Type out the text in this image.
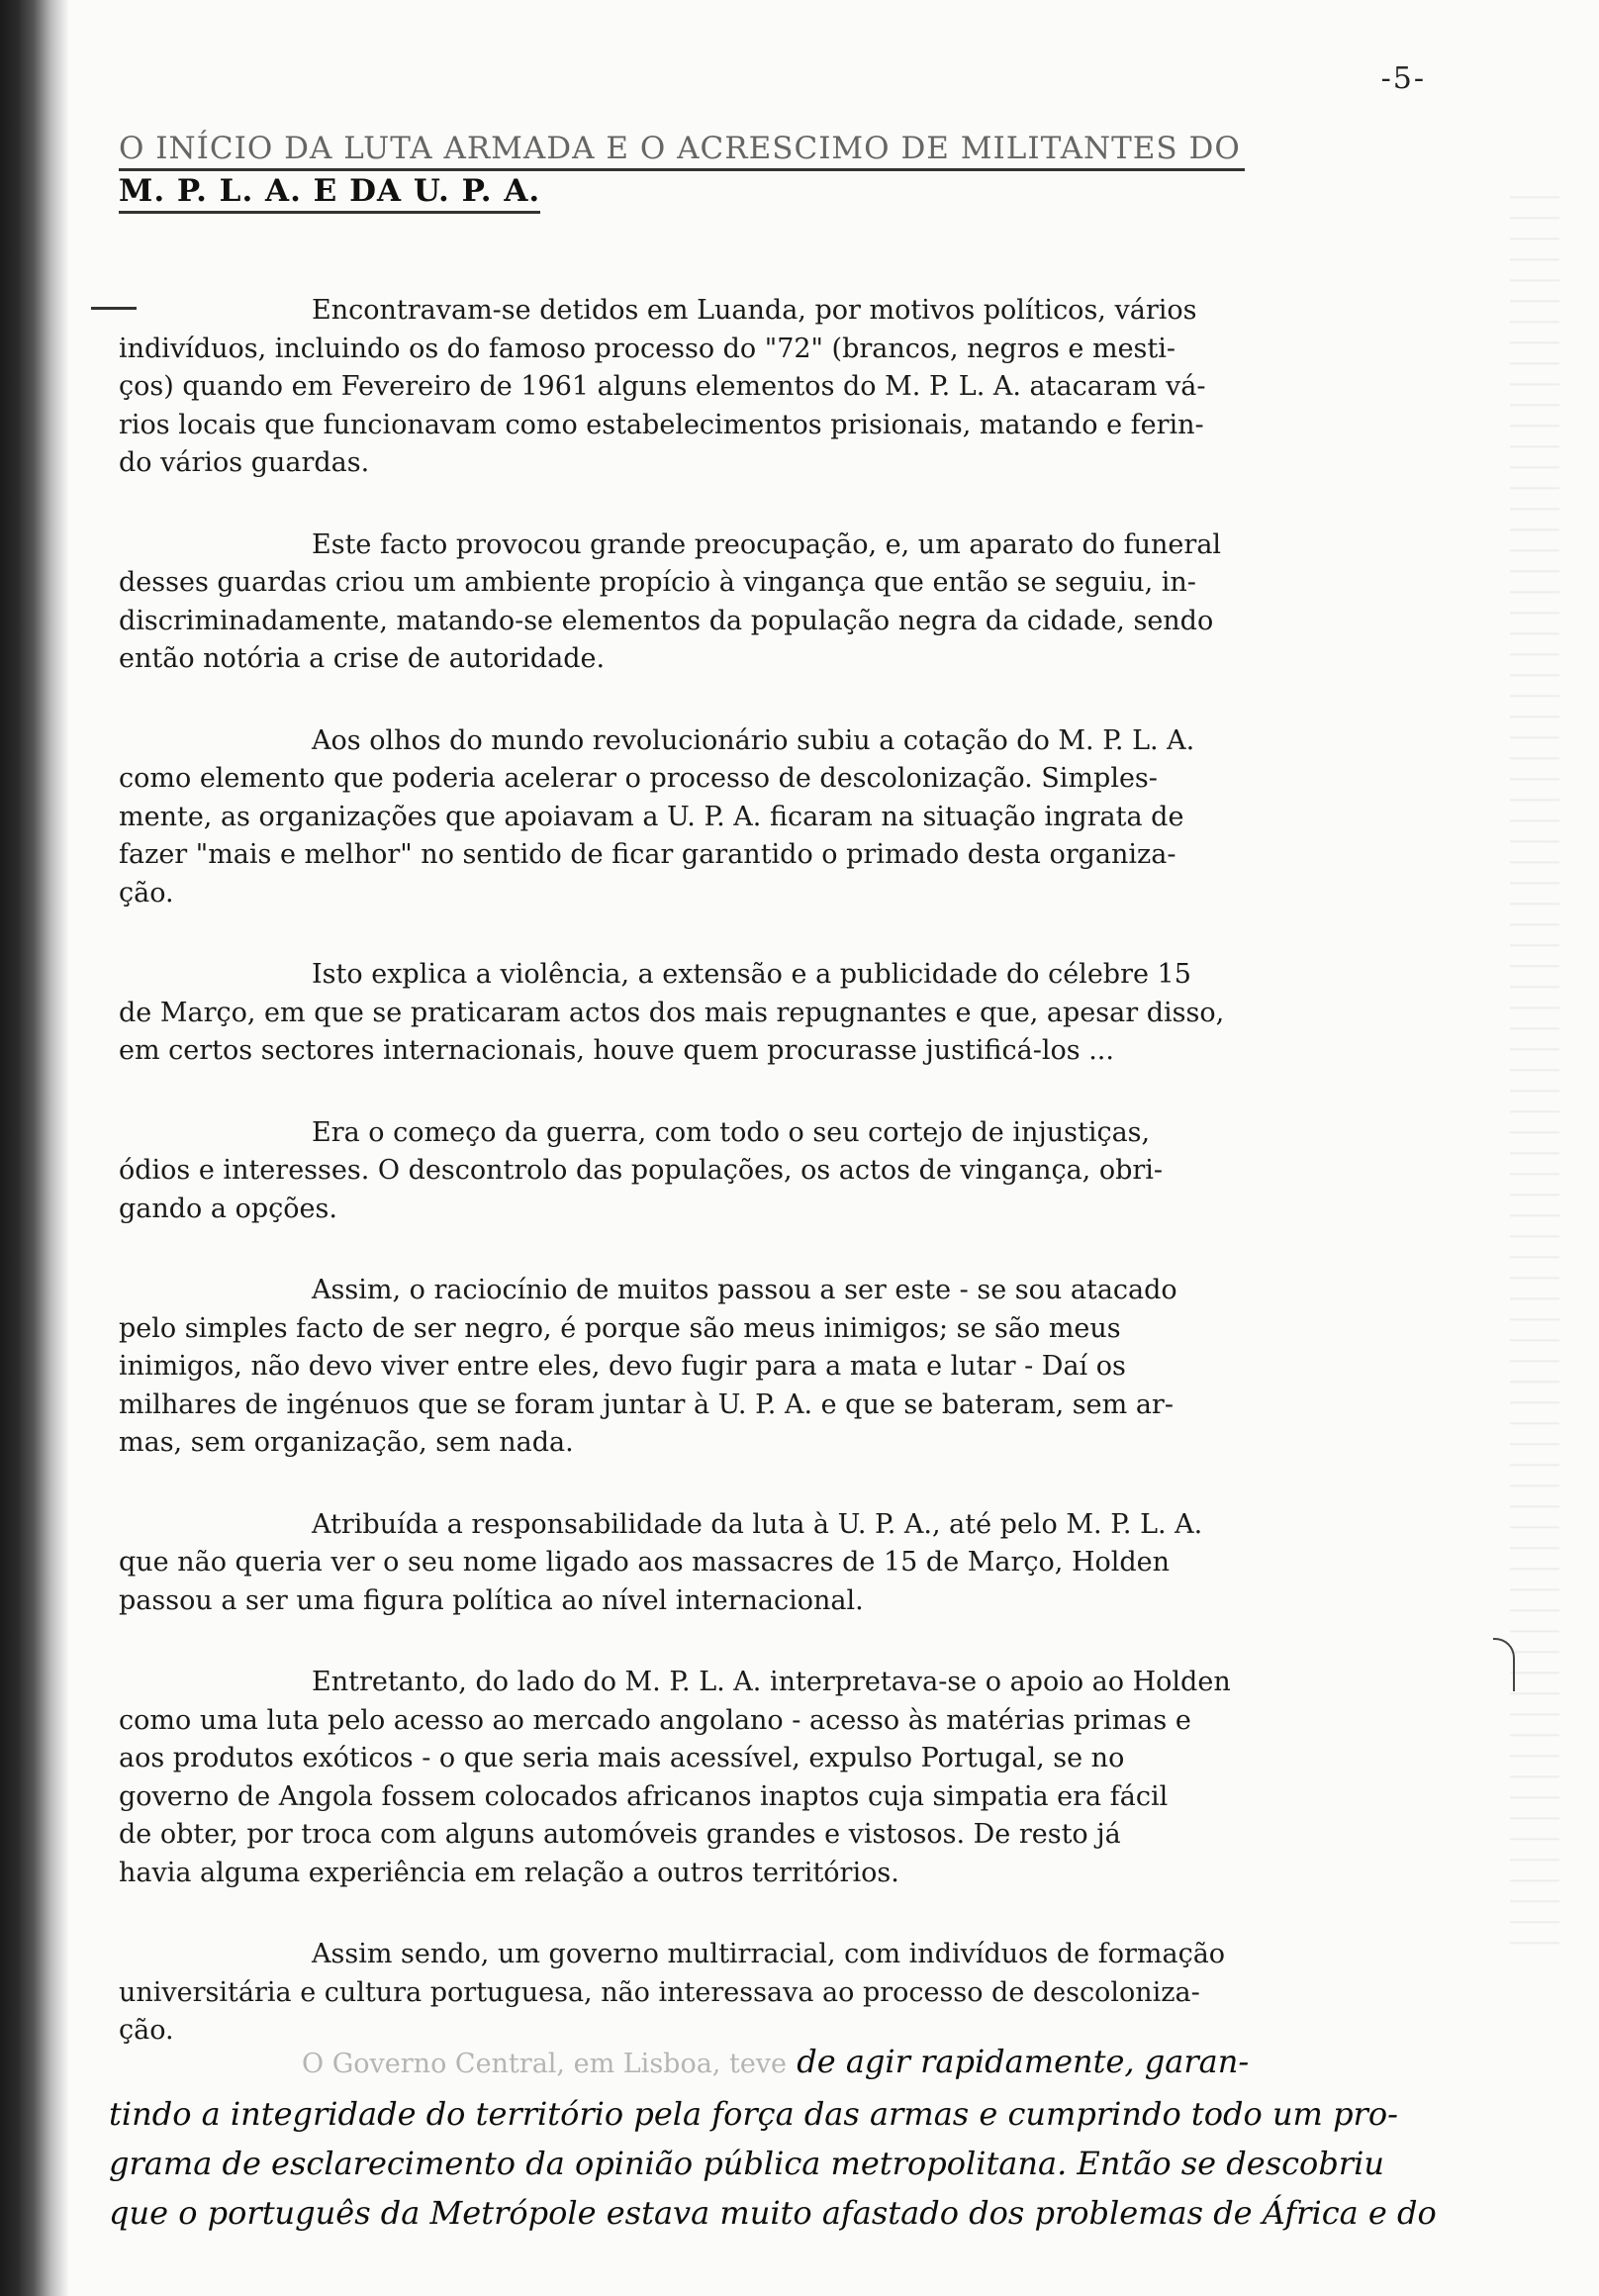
-5-
O INÍCIO DA LUTA ARMADA E O ACRESCIMO DE MILITANTES DO
M. P. L. A. E DA U. P. A.
Encontravam-se detidos em Luanda, por motivos políticos, vários
indivíduos, incluindo os do famoso processo do "72" (brancos, negros e mesti-
ços) quando em Fevereiro de 1961 alguns elementos do M. P. L. A. atacaram vá-
rios locais que funcionavam como estabelecimentos prisionais, matando e ferin-
do vários guardas.
Este facto provocou grande preocupação, e, um aparato do funeral
desses guardas criou um ambiente propício à vingança que então se seguiu, in-
discriminadamente, matando-se elementos da população negra da cidade, sendo
então notória a crise de autoridade.
Aos olhos do mundo revolucionário subiu a cotação do M. P. L. A.
como elemento que poderia acelerar o processo de descolonização. Simples-
mente, as organizações que apoiavam a U. P. A. ficaram na situação ingrata de
fazer "mais e melhor" no sentido de ficar garantido o primado desta organiza-
ção.
Isto explica a violência, a extensão e a publicidade do célebre 15
de Março, em que se praticaram actos dos mais repugnantes e que, apesar disso,
em certos sectores internacionais, houve quem procurasse justificá-los ...
Era o começo da guerra, com todo o seu cortejo de injustiças,
ódios e interesses. O descontrolo das populações, os actos de vingança, obri-
gando a opções.
Assim, o raciocínio de muitos passou a ser este - se sou atacado
pelo simples facto de ser negro, é porque são meus inimigos; se são meus
inimigos, não devo viver entre eles, devo fugir para a mata e lutar - Daí os
milhares de ingénuos que se foram juntar à U. P. A. e que se bateram, sem ar-
mas, sem organização, sem nada.
Atribuída a responsabilidade da luta à U. P. A., até pelo M. P. L. A.
que não queria ver o seu nome ligado aos massacres de 15 de Março, Holden
passou a ser uma figura política ao nível internacional.
Entretanto, do lado do M. P. L. A. interpretava-se o apoio ao Holden
como uma luta pelo acesso ao mercado angolano - acesso às matérias primas e
aos produtos exóticos - o que seria mais acessível, expulso Portugal, se no
governo de Angola fossem colocados africanos inaptos cuja simpatia era fácil
de obter, por troca com alguns automóveis grandes e vistosos. De resto já
havia alguma experiência em relação a outros territórios.
Assim sendo, um governo multirracial, com indivíduos de formação
universitária e cultura portuguesa, não interessava ao processo de descoloniza-
ção.
O Governo Central, em Lisboa, teve de agir rapidamente, garan-
tindo a integridade do território pela força das armas e cumprindo todo um pro-
grama de esclarecimento da opinião pública metropolitana. Então se descobriu
que o português da Metrópole estava muito afastado dos problemas de África e do
